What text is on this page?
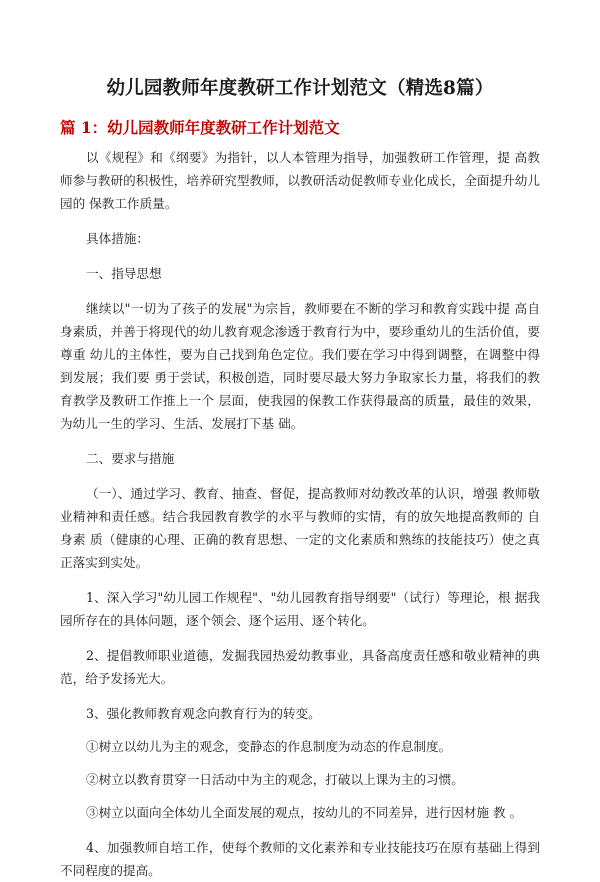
幼儿园教师年度教研工作计划范文（精选8篇）
篇 1：幼儿园教师年度教研工作计划范文

以《规程》和《纲要》为指针，以人本管理为指导，加强教研工作管理，提 高教师参与教研的积极性，培养研究型教师，以教研活动促教师专业化成长，全面提升幼儿园的 保教工作质量。

具体措施：

一、指导思想

继续以"一切为了孩子的发展"为宗旨，教师要在不断的学习和教育实践中提 高自身素质，并善于将现代的幼儿教育观念渗透于教育行为中，要珍重幼儿的生活价值，要尊重 幼儿的主体性，要为自己找到角色定位。我们要在学习中得到调整，在调整中得到发展；我们要 勇于尝试，积极创造，同时要尽最大努力争取家长力量，将我们的教育教学及教研工作推上一个 层面，使我园的保教工作获得最高的质量，最佳的效果，为幼儿一生的学习、生活、发展打下基 础。

二、要求与措施

（一）、通过学习、教育、抽查、督促，提高教师对幼教改革的认识，增强 教师敬业精神和责任感。结合我园教育教学的水平与教师的实情，有的放矢地提高教师的 自身素 质（健康的心理、正确的教育思想、一定的文化素质和熟练的技能技巧）使之真正落实到实处。

1、深入学习"幼儿园工作规程"、"幼儿园教育指导纲要"（试行）等理论，根 据我园所存在的具体问题，逐个领会、逐个运用、逐个转化。

2、提倡教师职业道德，发掘我园热爱幼教事业，具备高度责任感和敬业精神的典范，给予发扬光大。

3、强化教师教育观念向教育行为的转变。

①树立以幼儿为主的观念，变静态的作息制度为动态的作息制度。

②树立以教育贯穿一日活动中为主的观念，打破以上课为主的习惯。

③树立以面向全体幼儿全面发展的观点，按幼儿的不同差异，进行因材施 教 。

4、加强教师自培工作，使每个教师的文化素养和专业技能技巧在原有基础上得到不同程度的提高。
